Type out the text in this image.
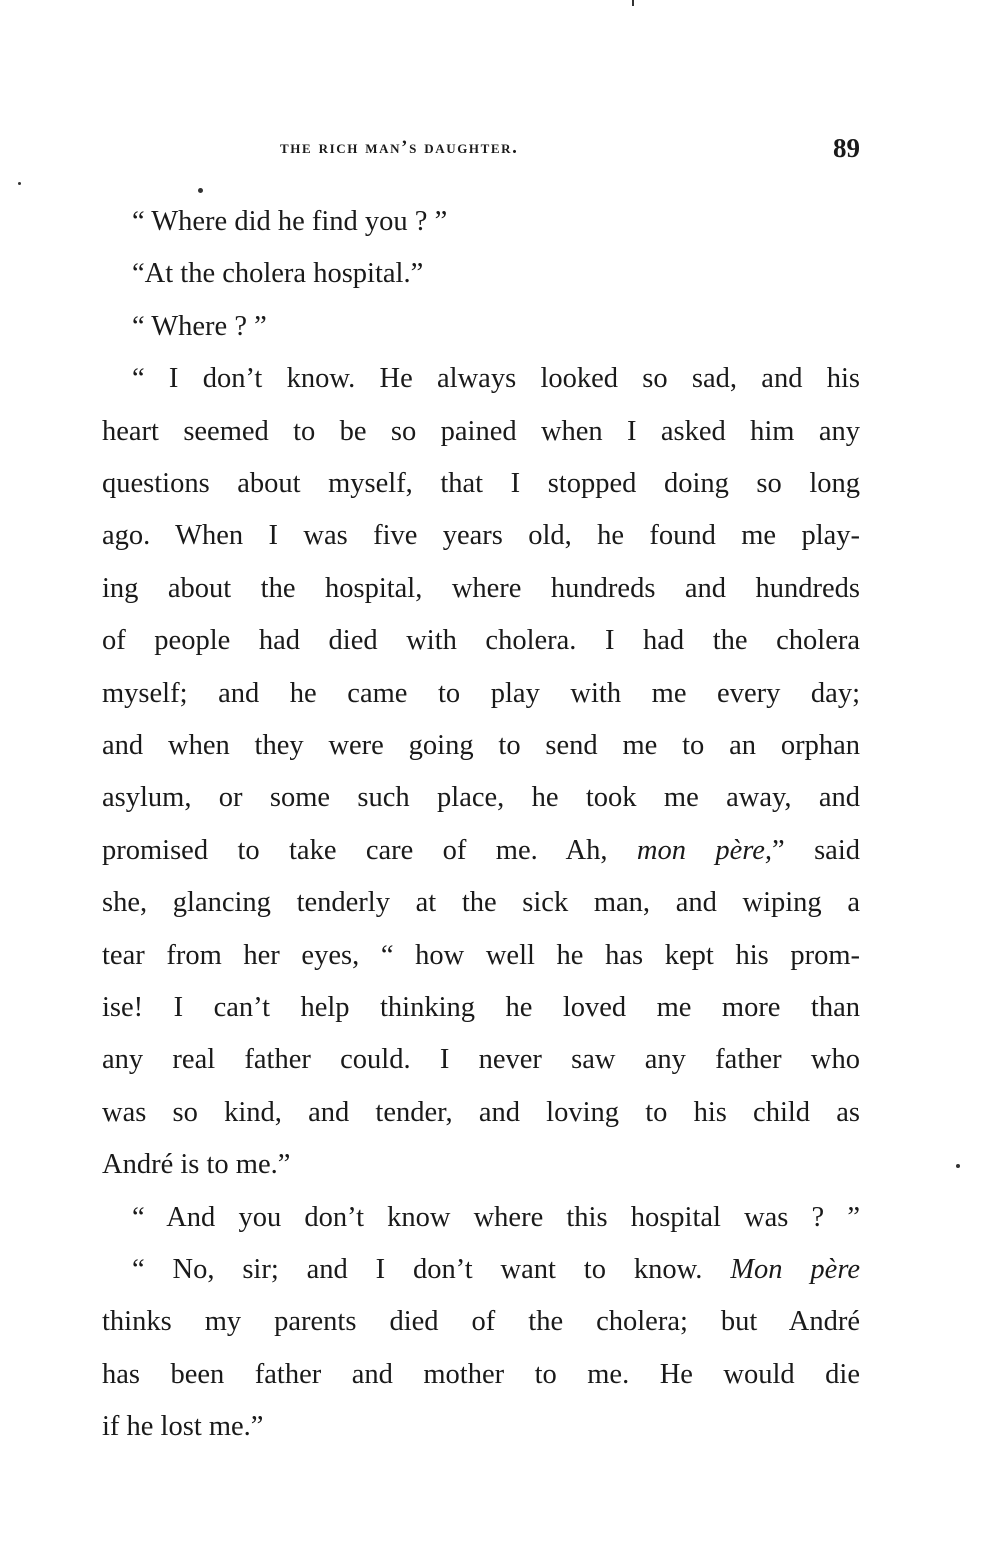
the rich man’s daughter.	89
“ Where did he find you ? ”
“At the cholera hospital.”
“ Where ? ”
“ I don’t know. He always looked so sad, and his
heart seemed to be so pained when I asked him any
questions about myself, that I stopped doing so long
ago. When I was five years old, he found me play-
ing about the hospital, where hundreds and hundreds
of people had died with cholera. I had the cholera
myself; and he came to play with me every day;
and when they were going to send me to an orphan
asylum, or some such place, he took me away, and
promised to take care of me. Ah, mon père,” said
she, glancing tenderly at the sick man, and wiping a
tear from her eyes, “ how well he has kept his prom-
ise! I can’t help thinking he loved me more than
any real father could. I never saw any father who
was so kind, and tender, and loving to his child as
André is to me.”
“ And you don’t know where this hospital was ? ”
“ No, sir; and I don’t want to know. Mon père
thinks my parents died of the cholera; but André
has been father and mother to me. He would die
if he lost me.”
